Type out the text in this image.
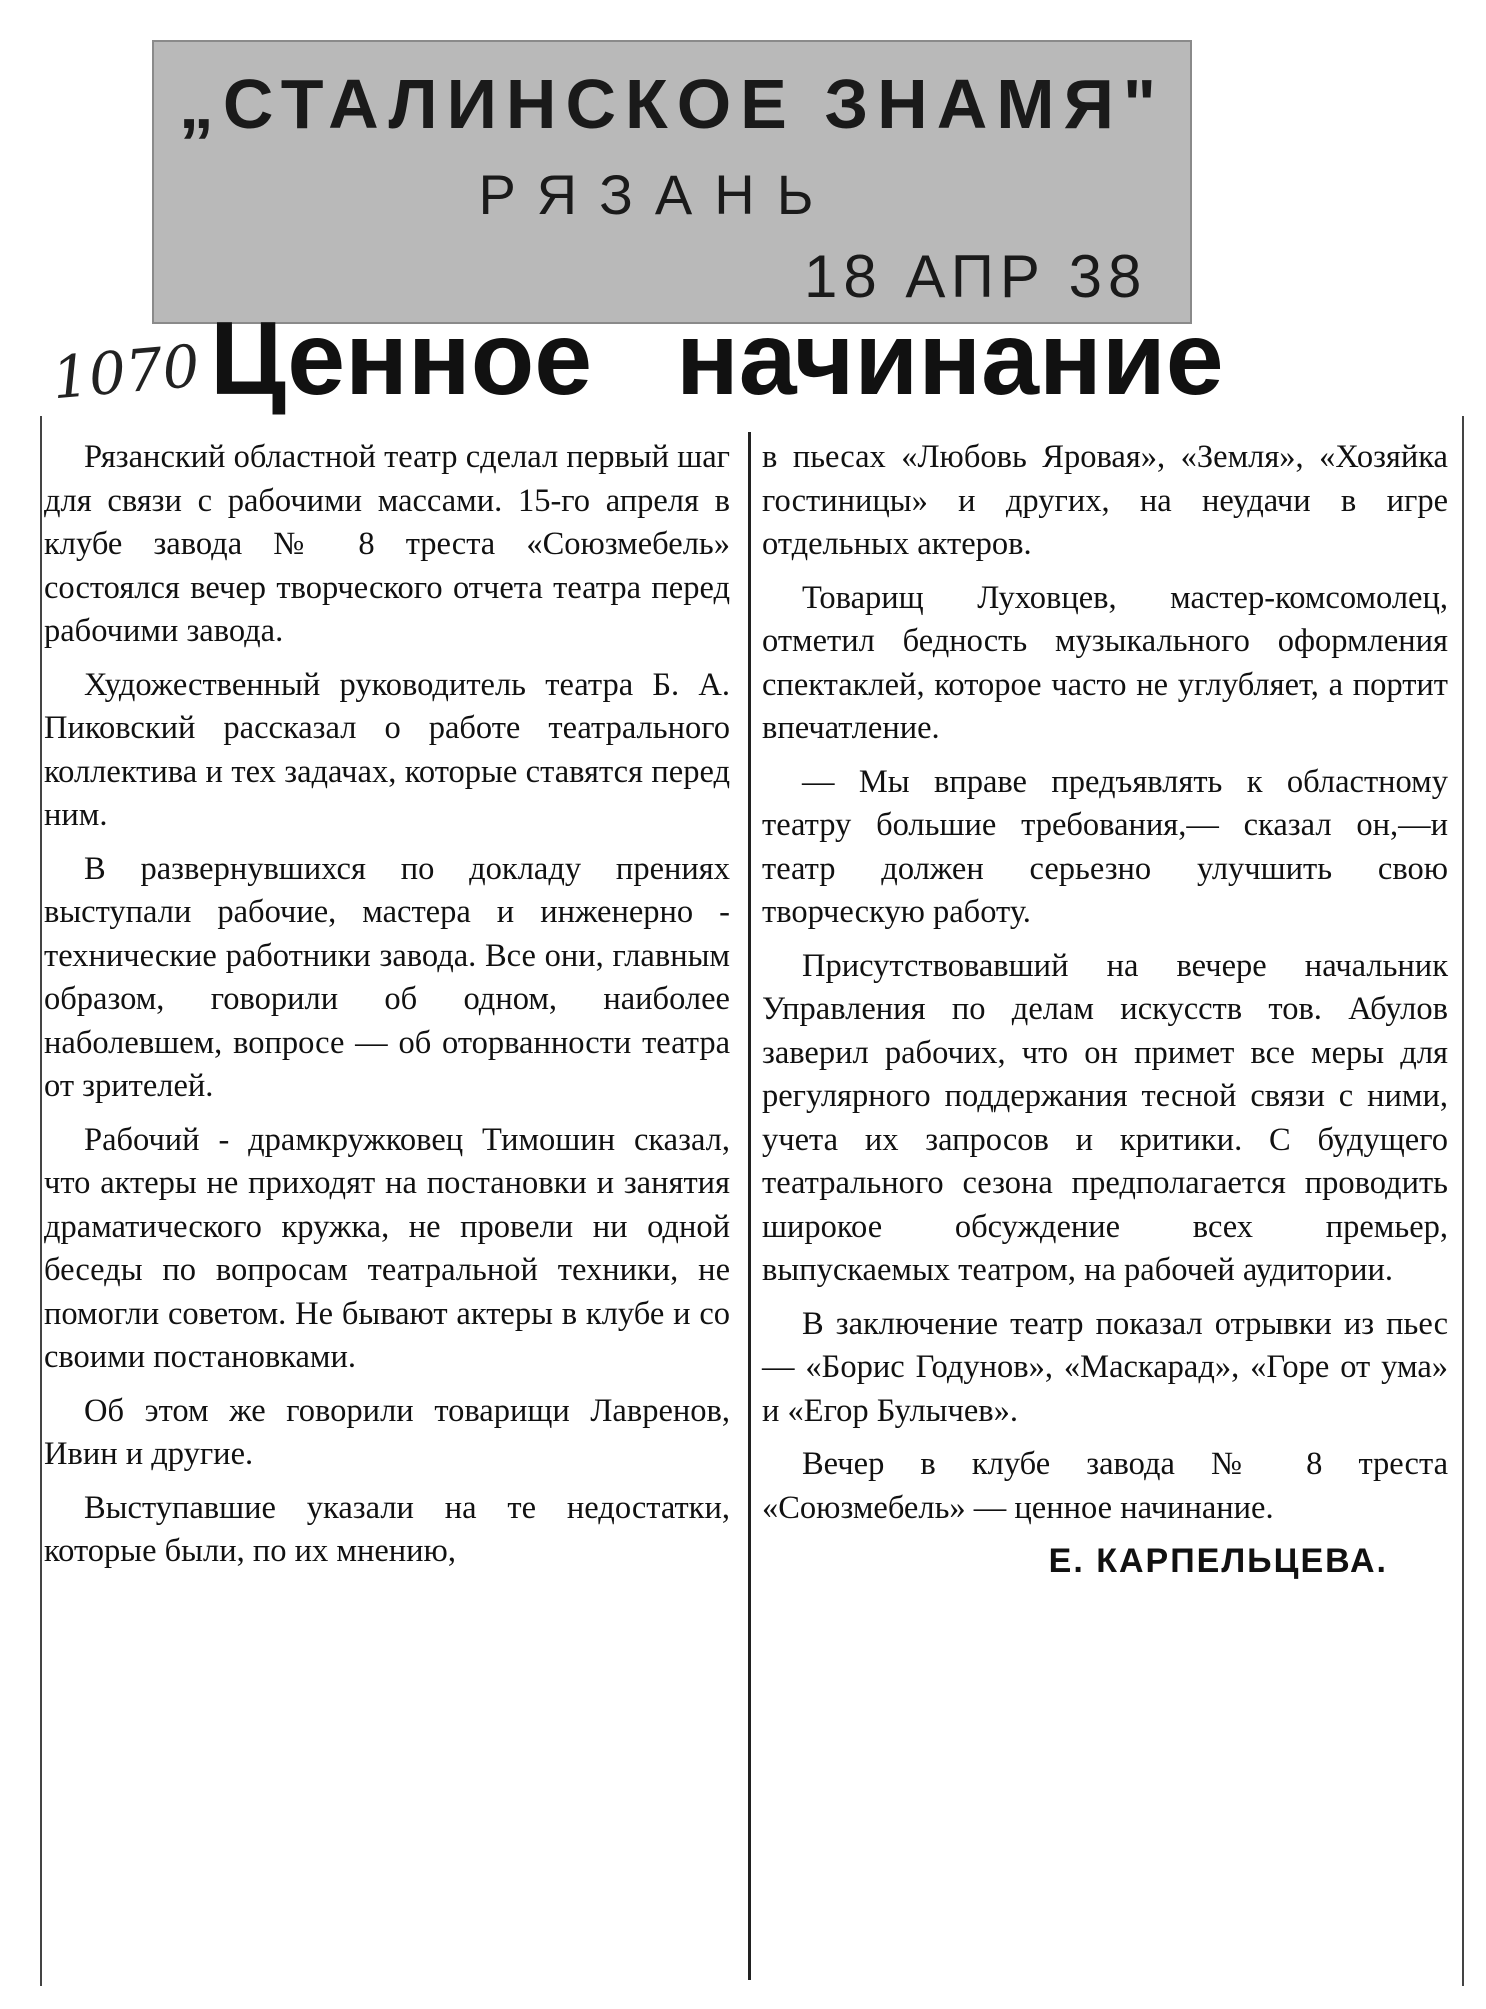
„СТАЛИНСКОЕ ЗНАМЯ"
РЯЗАНЬ
18 АПР 38
1070 Ценное начинание

Рязанский областной театр сделал первый шаг для связи с рабочими массами. 15-го апреля в клубе завода № 8 треста «Союзмебель» состоялся вечер творческого отчета театра перед рабочими завода.

Художественный руководитель театра Б. А. Пиковский рассказал о работе театрального коллектива и тех задачах, которые ставятся перед ним.

В развернувшихся по докладу прениях выступали рабочие, мастера и инженерно - технические работники завода. Все они, главным образом, говорили об одном, наиболее наболевшем, вопросе — об оторванности театра от зрителей.

Рабочий - драмкружковец Тимошин сказал, что актеры не приходят на постановки и занятия драматического кружка, не провели ни одной беседы по вопросам театральной техники, не помогли советом. Не бывают актеры в клубе и со своими постановками.

Об этом же говорили товарищи Лавренов, Ивин и другие.

Выступавшие указали на те недостатки, которые были, по их мнению,

в пьесах «Любовь Яровая», «Земля», «Хозяйка гостиницы» и других, на неудачи в игре отдельных актеров.

Товарищ Луховцев, мастер-комсомолец, отметил бедность музыкального оформления спектаклей, которое часто не углубляет, а портит впечатление.

— Мы вправе предъявлять к областному театру большие требования,— сказал он,—и театр должен серьезно улучшить свою творческую работу.

Присутствовавший на вечере начальник Управления по делам искусств тов. Абулов заверил рабочих, что он примет все меры для регулярного поддержания тесной связи с ними, учета их запросов и критики. С будущего театрального сезона предполагается проводить широкое обсуждение всех премьер, выпускаемых театром, на рабочей аудитории.

В заключение театр показал отрывки из пьес — «Борис Годунов», «Маскарад», «Горе от ума» и «Егор Булычев».

Вечер в клубе завода № 8 треста «Союзмебель» — ценное начинание.

Е. КАРПЕЛЬЦЕВА.
